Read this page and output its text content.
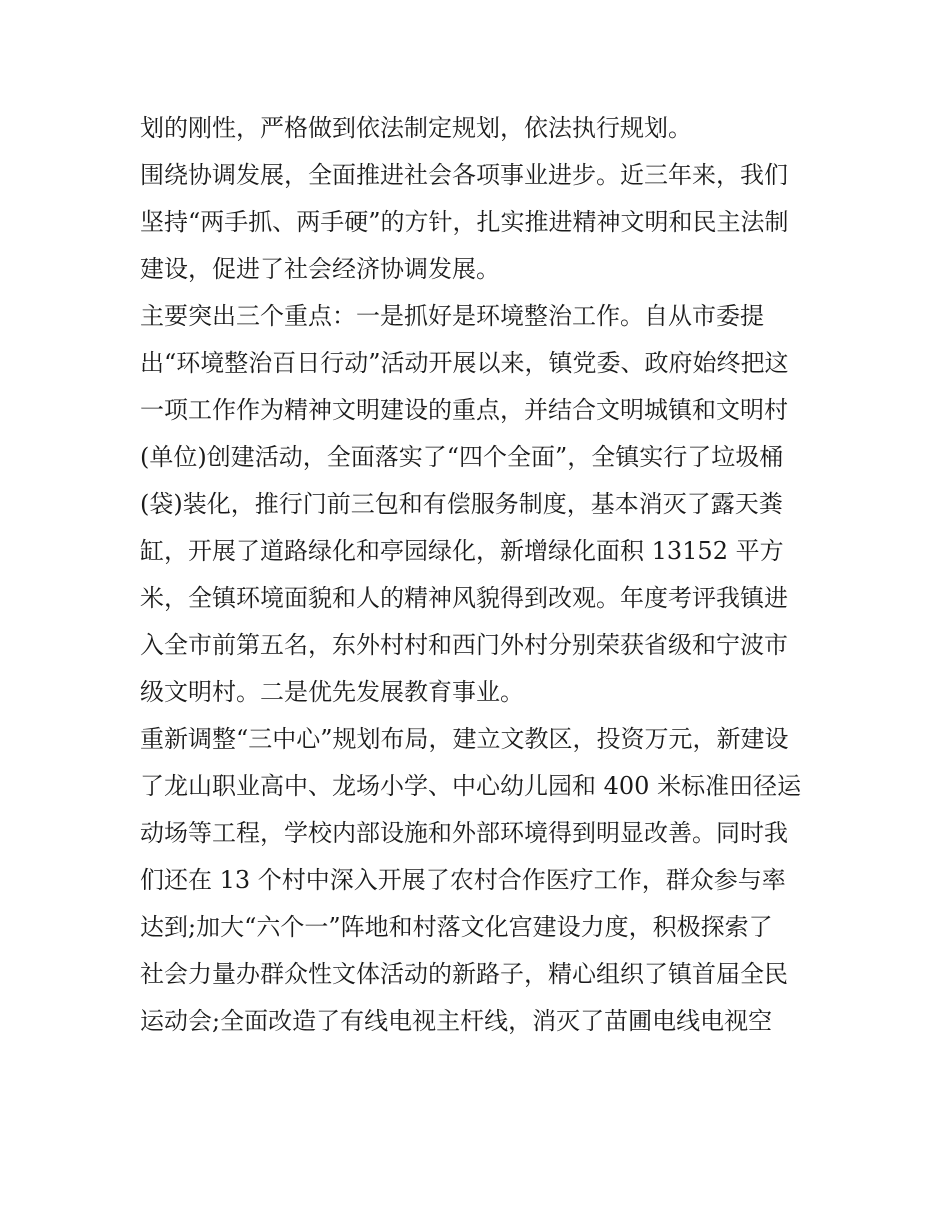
划的刚性，严格做到依法制定规划，依法执行规划。
围绕协调发展，全面推进社会各项事业进步。近三年来，我们
坚持“两手抓、两手硬”的方针，扎实推进精神文明和民主法制
建设，促进了社会经济协调发展。
主要突出三个重点：一是抓好是环境整治工作。自从市委提
出“环境整治百日行动”活动开展以来，镇党委、政府始终把这
一项工作作为精神文明建设的重点，并结合文明城镇和文明村
(单位)创建活动，全面落实了“四个全面”，全镇实行了垃圾桶
(袋)装化，推行门前三包和有偿服务制度，基本消灭了露天粪
缸，开展了道路绿化和亭园绿化，新增绿化面积 13152 平方
米，全镇环境面貌和人的精神风貌得到改观。年度考评我镇进
入全市前第五名，东外村村和西门外村分别荣获省级和宁波市
级文明村。二是优先发展教育事业。
重新调整“三中心”规划布局，建立文教区，投资万元，新建设
了龙山职业高中、龙场小学、中心幼儿园和 400 米标准田径运
动场等工程，学校内部设施和外部环境得到明显改善。同时我
们还在 13 个村中深入开展了农村合作医疗工作，群众参与率
达到;加大“六个一”阵地和村落文化宫建设力度，积极探索了
社会力量办群众性文体活动的新路子，精心组织了镇首届全民
运动会;全面改造了有线电视主杆线，消灭了苗圃电线电视空
